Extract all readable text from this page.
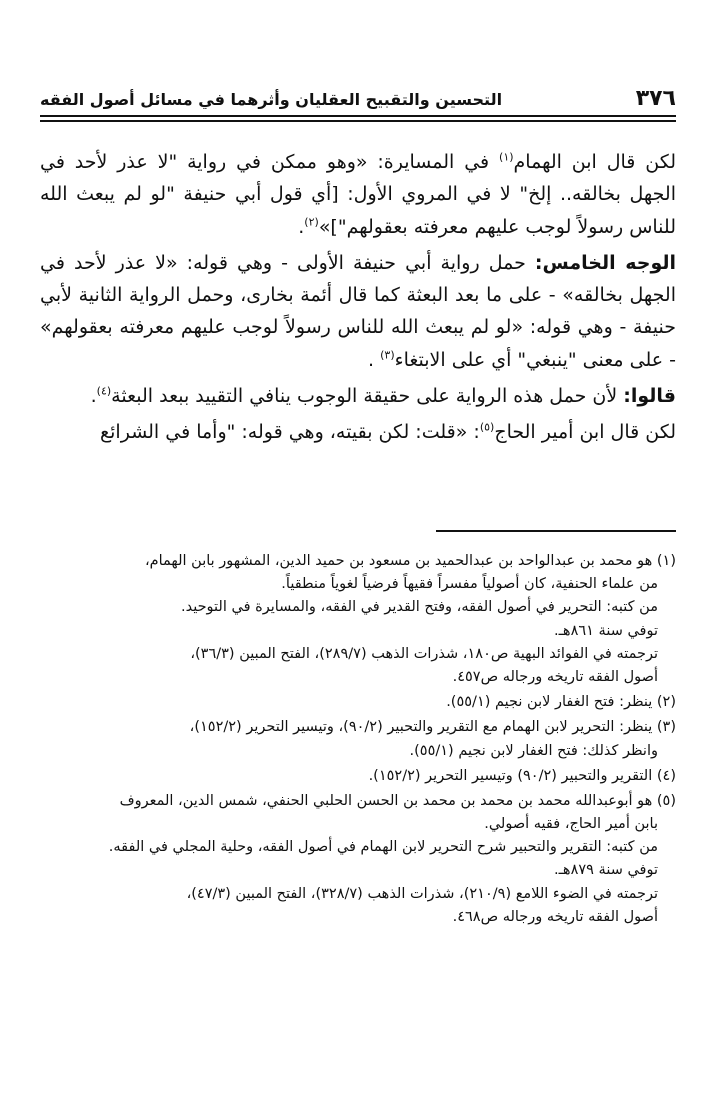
٣٧٦
التحسين والتقبيح العقليان وأثرهما في مسائل أصول الفقه

لكن قال ابن الهمام$^{(١)}$ في المسايرة: «وهو ممكن في رواية "لا عذر لأحد في الجهل بخالقه.. إلخ" لا في المروي الأول: [أي قول أبي حنيفة "لو لم يبعث الله للناس رسولاً لوجب عليهم معرفته بعقولهم"]»$^{(٢)}$.

الوجه الخامس: حمل رواية أبي حنيفة الأولى - وهي قوله: «لا عذر لأحد في الجهل بخالقه» - على ما بعد البعثة كما قال أئمة بخارى، وحمل الرواية الثانية لأبي حنيفة - وهي قوله: «لو لم يبعث الله للناس رسولاً لوجب عليهم معرفته بعقولهم» - على معنى "ينبغي" أي على الابتغاء$^{(٣)}$ .

قالوا: لأن حمل هذه الرواية على حقيقة الوجوب ينافي التقييد ببعد البعثة$^{(٤)}$.

لكن قال ابن أمير الحاج$^{(٥)}$: «قلت: لكن بقيته، وهي قوله: "وأما في الشرائع

(١) هو محمد بن عبدالواحد بن عبدالحميد بن مسعود بن حميد الدين، المشهور بابن الهمام،

من علماء الحنفية، كان أصولياً مفسراً فقيهاً فرضياً لغوياً منطقياً.

من كتبه: التحرير في أصول الفقه، وفتح القدير في الفقه، والمسايرة في التوحيد.

توفي سنة ٨٦١هـ.

ترجمته في الفوائد البهية ص١٨٠، شذرات الذهب (٢٨٩/٧)، الفتح المبين (٣٦/٣)،

أصول الفقه تاريخه ورجاله ص٤٥٧.

(٢) ينظر: فتح الغفار لابن نجيم (٥٥/١).

(٣) ينظر: التحرير لابن الهمام مع التقرير والتحبير (٩٠/٢)، وتيسير التحرير (١٥٢/٢)،

وانظر كذلك: فتح الغفار لابن نجيم (٥٥/١).

(٤) التقرير والتحبير (٩٠/٢) وتيسير التحرير (١٥٢/٢).

(٥) هو أبوعبدالله محمد بن محمد بن محمد بن الحسن الحلبي الحنفي، شمس الدين، المعروف

بابن أمير الحاج، فقيه أصولي.

من كتبه: التقرير والتحبير شرح التحرير لابن الهمام في أصول الفقه، وحلية المجلي في الفقه.

توفي سنة ٨٧٩هـ.

ترجمته في الضوء اللامع (٢١٠/٩)، شذرات الذهب (٣٢٨/٧)، الفتح المبين (٤٧/٣)،

أصول الفقه تاريخه ورجاله ص٤٦٨.
